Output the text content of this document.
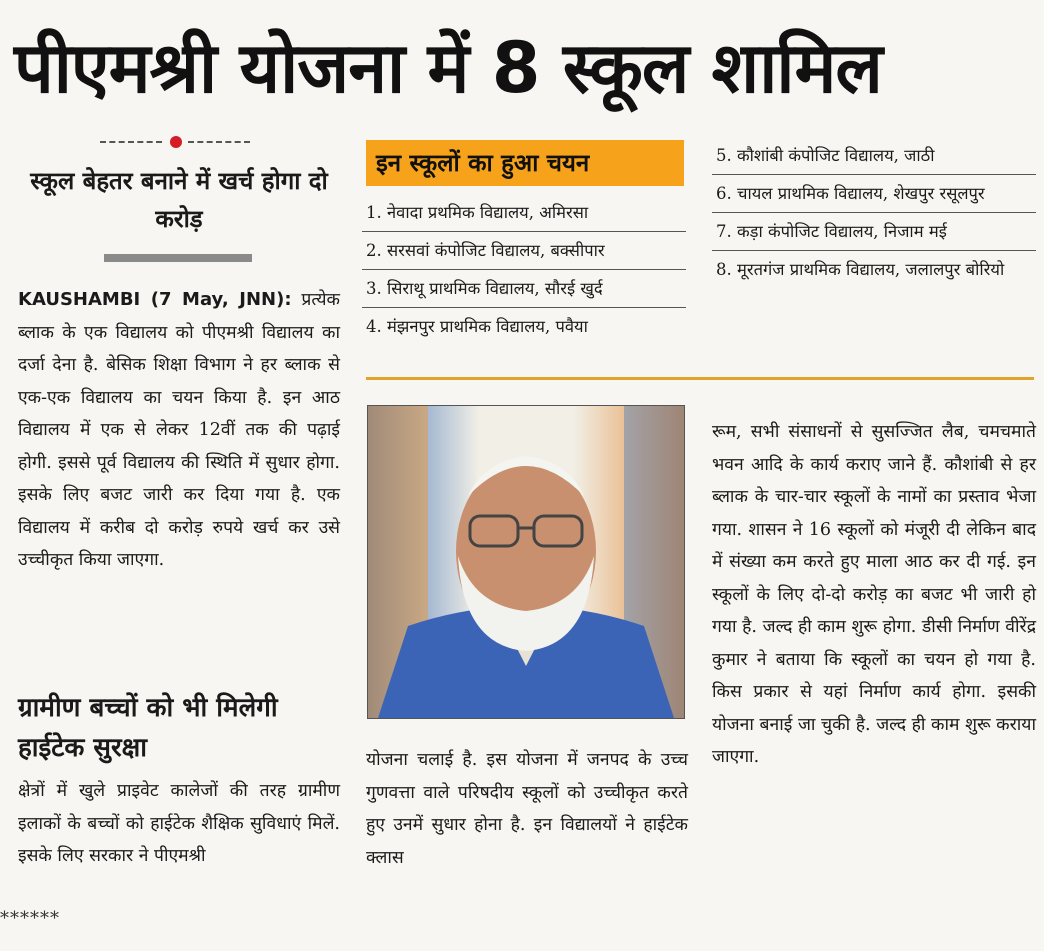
पीएमश्री योजना में 8 स्कूल शामिल
स्कूल बेहतर बनाने में खर्च होगा दो करोड़
KAUSHAMBI (7 May, JNN): प्रत्येक ब्लाक के एक विद्यालय को पीएमश्री विद्यालय का दर्जा देना है. बेसिक शिक्षा विभाग ने हर ब्लाक से एक-एक विद्यालय का चयन किया है. इन आठ विद्यालय में एक से लेकर 12वीं तक की पढ़ाई होगी. इससे पूर्व विद्यालय की स्थिति में सुधार होगा. इसके लिए बजट जारी कर दिया गया है. एक विद्यालय में करीब दो करोड़ रुपये खर्च कर उसे उच्चीकृत किया जाएगा.
ग्रामीण बच्चों को भी मिलेगी हाईटेक सुरक्षा
क्षेत्रों में खुले प्राइवेट कालेजों की तरह ग्रामीण इलाकों के बच्चों को हाईटेक शैक्षिक सुविधाएं मिलें. इसके लिए सरकार ने पीएमश्री
******
इन स्कूलों का हुआ चयन
1. नेवादा प्रथमिक विद्यालय, अमिरसा
2. सरसवां कंपोजिट विद्यालय, बक्सीपार
3. सिराथू प्राथमिक विद्यालय, सौरई खुर्द
4. मंझनपुर प्राथमिक विद्यालय, पवैया
5. कौशांबी कंपोजिट विद्यालय, जाठी
6. चायल प्राथमिक विद्यालय, शेखपुर रसूलपुर
7. कड़ा कंपोजिट विद्यालय, निजाम मई
8. मूरतगंज प्राथमिक विद्यालय, जलालपुर बोरियो
योजना चलाई है. इस योजना में जनपद के उच्च गुणवत्ता वाले परिषदीय स्कूलों को उच्चीकृत करते हुए उनमें सुधार होना है. इन विद्यालयों ने हाईटेक क्लास
रूम, सभी संसाधनों से सुसज्जित लैब, चमचमाते भवन आदि के कार्य कराए जाने हैं. कौशांबी से हर ब्लाक के चार-चार स्कूलों के नामों का प्रस्ताव भेजा गया. शासन ने 16 स्कूलों को मंजूरी दी लेकिन बाद में संख्या कम करते हुए माला आठ कर दी गई. इन स्कूलों के लिए दो-दो करोड़ का बजट भी जारी हो गया है. जल्द ही काम शुरू होगा. डीसी निर्माण वीरेंद्र कुमार ने बताया कि स्कूलों का चयन हो गया है. किस प्रकार से यहां निर्माण कार्य होगा. इसकी योजना बनाई जा चुकी है. जल्द ही काम शुरू कराया जाएगा.
